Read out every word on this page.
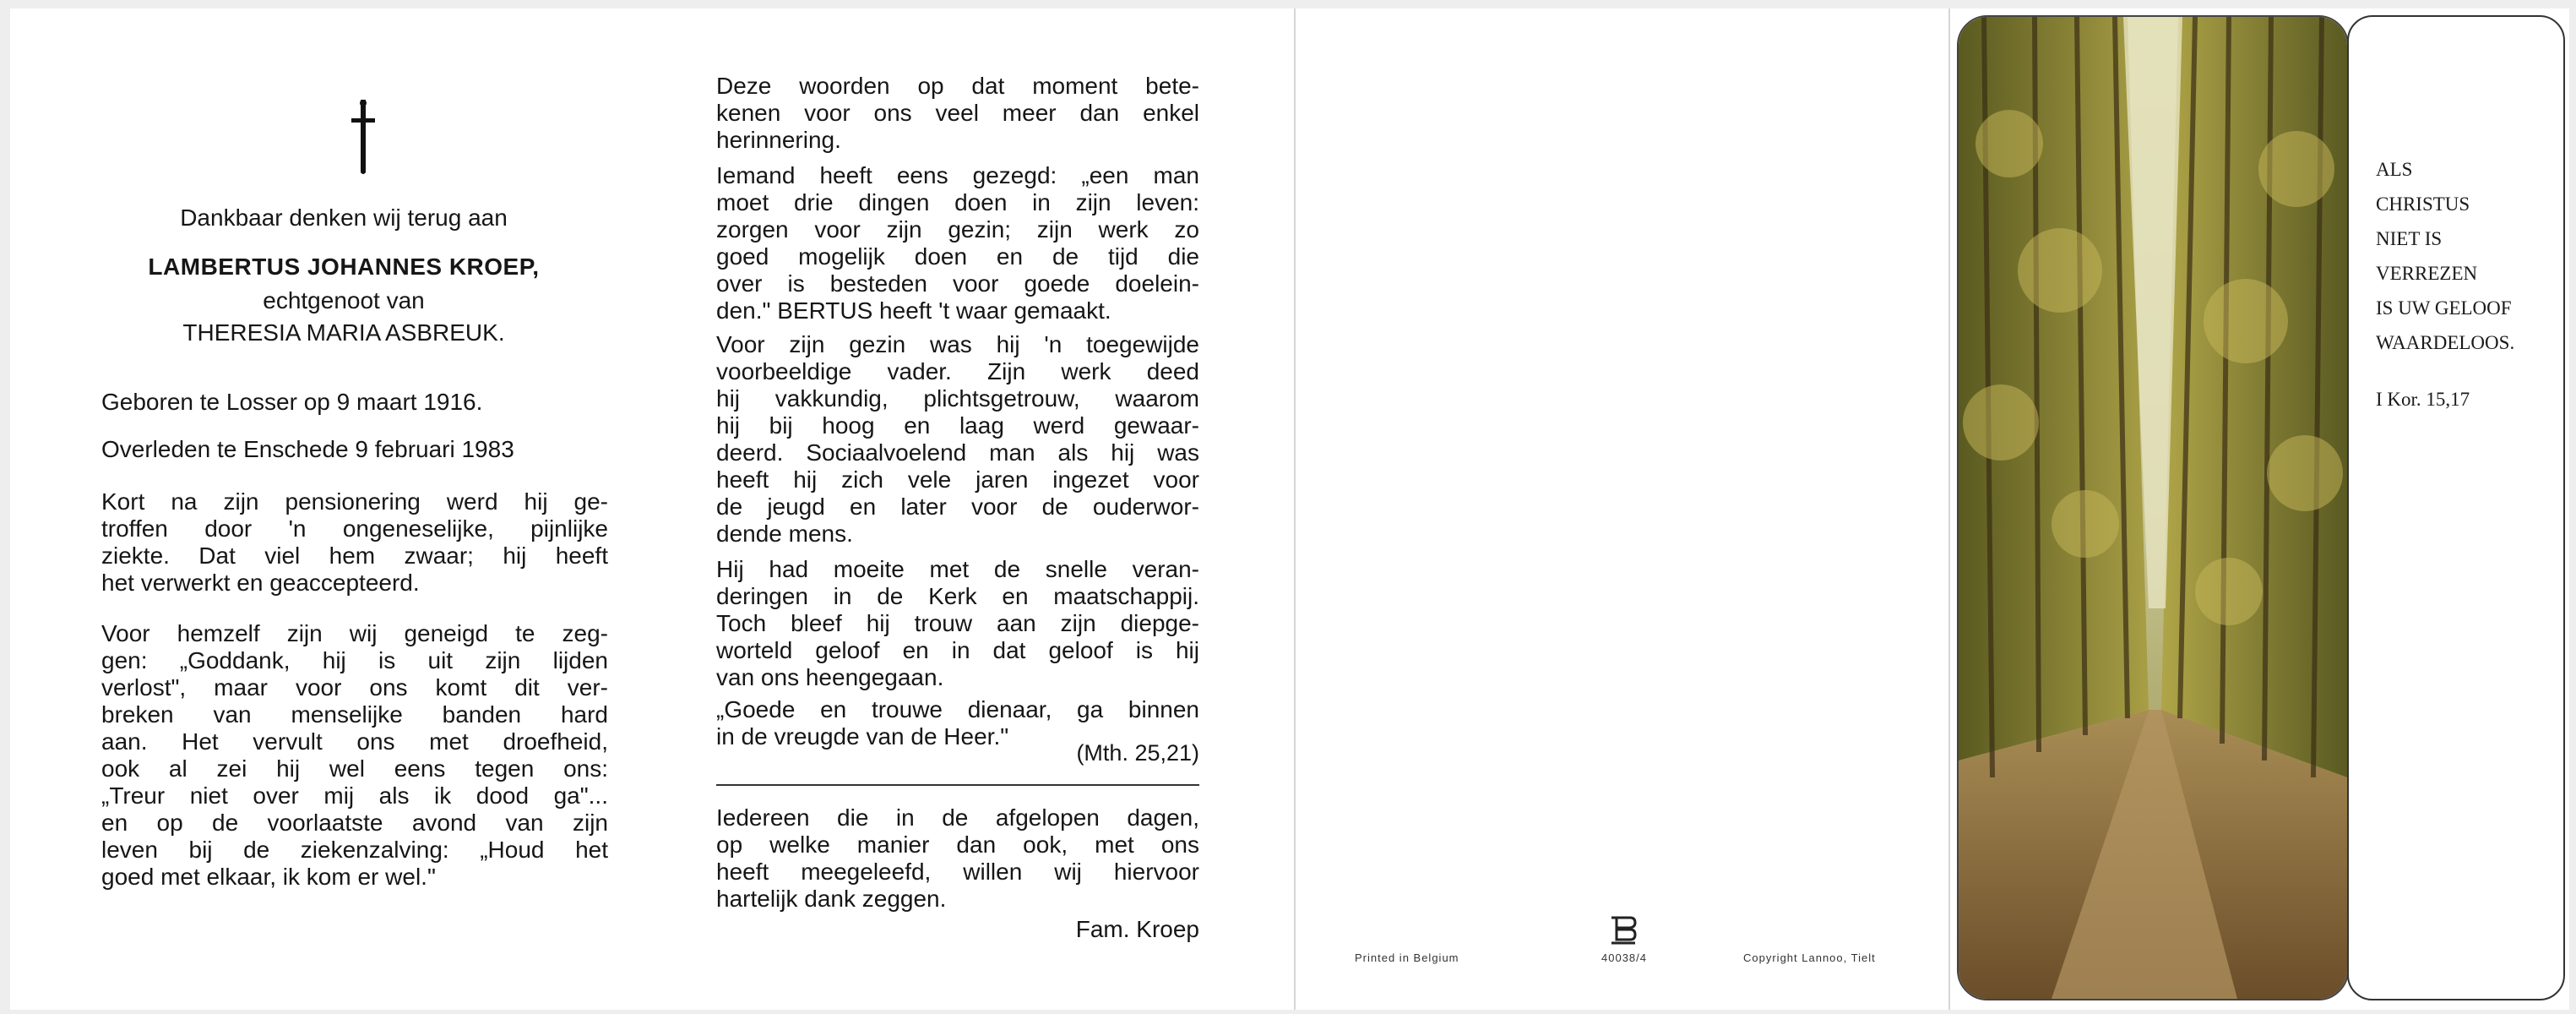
Dankbaar denken wij terug aan
LAMBERTUS JOHANNES KROEP,
echtgenoot van
THERESIA MARIA ASBREUK.
Geboren te Losser op 9 maart 1916.
Overleden te Enschede 9 februari 1983
Kort na zijn pensionering werd hij ge-
troffen door 'n ongeneselijke, pijnlijke
ziekte. Dat viel hem zwaar; hij heeft
het verwerkt en geaccepteerd.
Voor hemzelf zijn wij geneigd te zeg-
gen: „Goddank, hij is uit zijn lijden
verlost", maar voor ons komt dit ver-
breken van menselijke banden hard
aan. Het vervult ons met droefheid,
ook al zei hij wel eens tegen ons:
„Treur niet over mij als ik dood ga"...
en op de voorlaatste avond van zijn
leven bij de ziekenzalving: „Houd het
goed met elkaar, ik kom er wel."
Deze woorden op dat moment bete-
kenen voor ons veel meer dan enkel
herinnering.
Iemand heeft eens gezegd: „een man
moet drie dingen doen in zijn leven:
zorgen voor zijn gezin; zijn werk zo
goed mogelijk doen en de tijd die
over is besteden voor goede doelein-
den." BERTUS heeft 't waar gemaakt.
Voor zijn gezin was hij 'n toegewijde
voorbeeldige vader. Zijn werk deed
hij vakkundig, plichtsgetrouw, waarom
hij bij hoog en laag werd gewaar-
deerd. Sociaalvoelend man als hij was
heeft hij zich vele jaren ingezet voor
de jeugd en later voor de ouderwor-
dende mens.
Hij had moeite met de snelle veran-
deringen in de Kerk en maatschappij.
Toch bleef hij trouw aan zijn diepge-
worteld geloof en in dat geloof is hij
van ons heengegaan.
„Goede en trouwe dienaar, ga binnen
in de vreugde van de Heer."
(Mth. 25,21)
Iedereen die in de afgelopen dagen,
op welke manier dan ook, met ons
heeft meegeleefd, willen wij hiervoor
hartelijk dank zeggen.
Fam. Kroep
Printed in Belgium	40038/4	Copyright Lannoo, Tielt
ALS
CHRISTUS
NIET IS
VERREZEN
IS UW GELOOF
WAARDELOOS.
I Kor. 15,17
